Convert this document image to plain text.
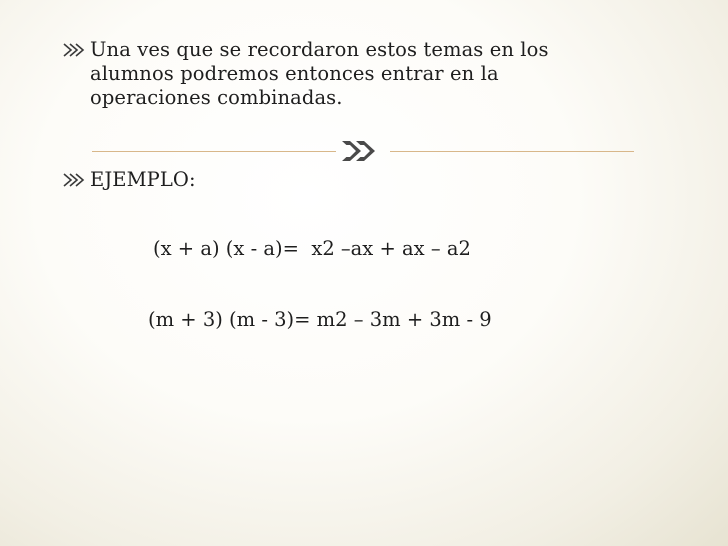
Una ves que se recordaron estos temas en los alumnos podremos entonces entrar en la operaciones combinadas.
EJEMPLO:
(x + a) (x - a)=  x2 –ax + ax – a2
(m + 3) (m - 3)= m2 – 3m + 3m - 9
